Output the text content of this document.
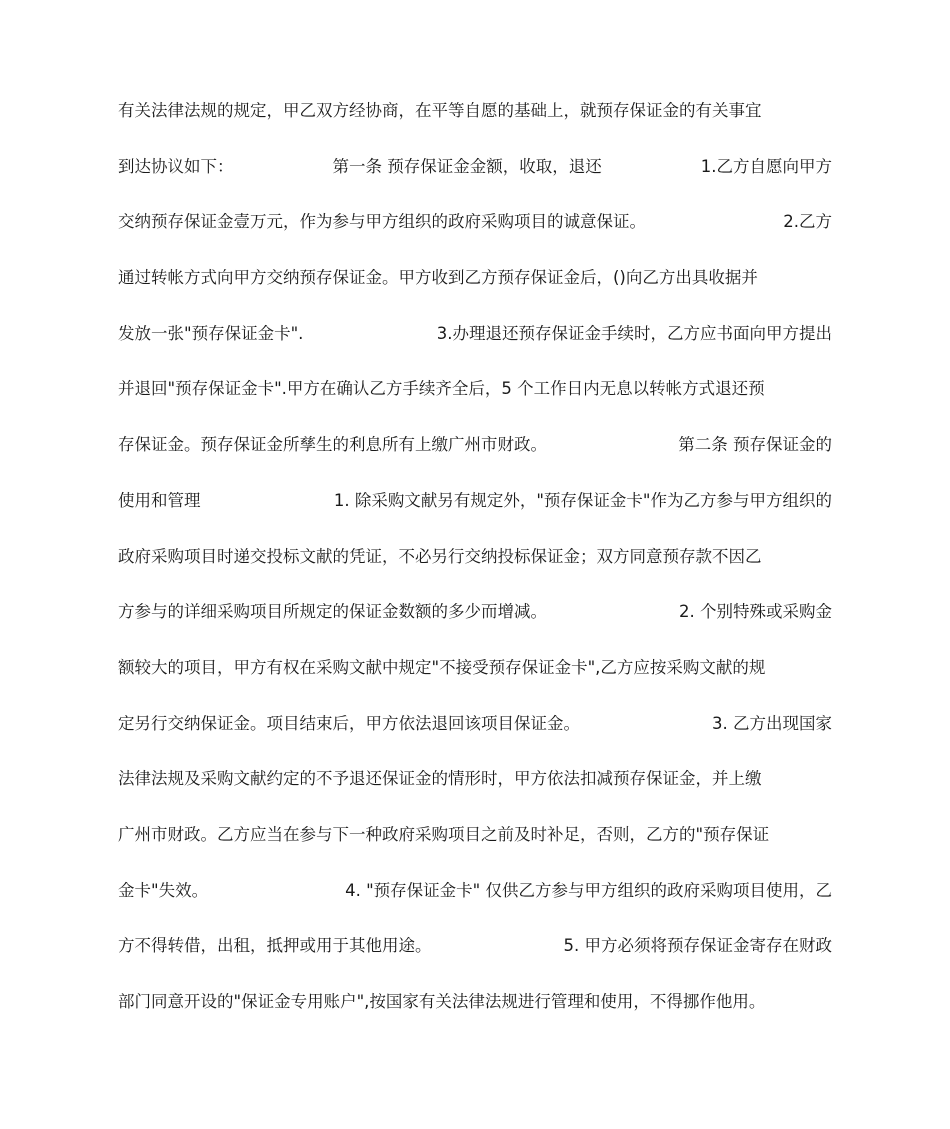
有关法律法规的规定，甲乙双方经协商，在平等自愿的基础上，就预存保证金的有关事宜
到达协议如下：	第一条 预存保证金金额，收取，退还	1.乙方自愿向甲方
交纳预存保证金壹万元，作为参与甲方组织的政府采购项目的诚意保证。	2.乙方
通过转帐方式向甲方交纳预存保证金。甲方收到乙方预存保证金后，()向乙方出具收据并
发放一张"预存保证金卡".	3.办理退还预存保证金手续时，乙方应书面向甲方提出
并退回"预存保证金卡".甲方在确认乙方手续齐全后，5 个工作日内无息以转帐方式退还预
存保证金。预存保证金所孳生的利息所有上缴广州市财政。	第二条 预存保证金的
使用和管理	1. 除采购文献另有规定外，"预存保证金卡"作为乙方参与甲方组织的
政府采购项目时递交投标文献的凭证，不必另行交纳投标保证金；双方同意预存款不因乙
方参与的详细采购项目所规定的保证金数额的多少而增减。	2. 个别特殊或采购金
额较大的项目，甲方有权在采购文献中规定"不接受预存保证金卡",乙方应按采购文献的规
定另行交纳保证金。项目结束后，甲方依法退回该项目保证金。	3. 乙方出现国家
法律法规及采购文献约定的不予退还保证金的情形时，甲方依法扣减预存保证金，并上缴
广州市财政。乙方应当在参与下一种政府采购项目之前及时补足，否则，乙方的"预存保证
金卡"失效。	4. "预存保证金卡" 仅供乙方参与甲方组织的政府采购项目使用，乙
方不得转借，出租，抵押或用于其他用途。	5. 甲方必须将预存保证金寄存在财政
部门同意开设的"保证金专用账户",按国家有关法律法规进行管理和使用，不得挪作他用。
